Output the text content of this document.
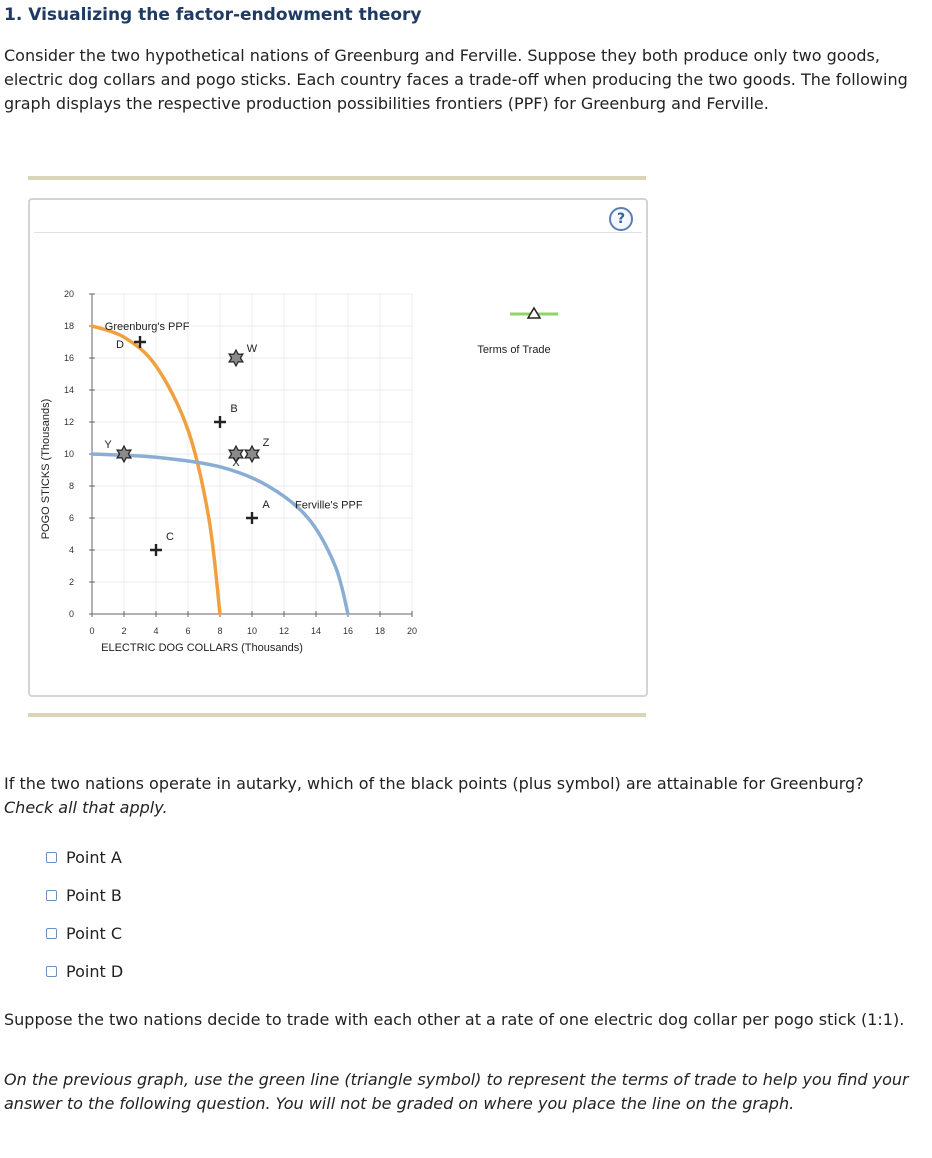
1. Visualizing the factor-endowment theory

Consider the two hypothetical nations of Greenburg and Ferville. Suppose they both produce only two goods, electric dog collars and pogo sticks. Each country faces a trade-off when producing the two goods. The following graph displays the respective production possibilities frontiers (PPF) for Greenburg and Ferville.

?
0	2	4	6	8	10 12 14 16 18 20
0
2
4
6
8
10
12
14
16
18
20
ELECTRIC DOG COLLARS (Thousands)
POGO STICKS (Thousands)
Greenburg's PPF
Ferville's PPF
A
B
C
D	W
Y	Z
X
Terms of Trade

If the two nations operate in autarky, which of the black points (plus symbol) are attainable for Greenburg? Check all that apply.

Point A
Point B
Point C
Point D

Suppose the two nations decide to trade with each other at a rate of one electric dog collar per pogo stick (1:1).

On the previous graph, use the green line (triangle symbol) to represent the terms of trade to help you find your answer to the following question. You will not be graded on where you place the line on the graph.
